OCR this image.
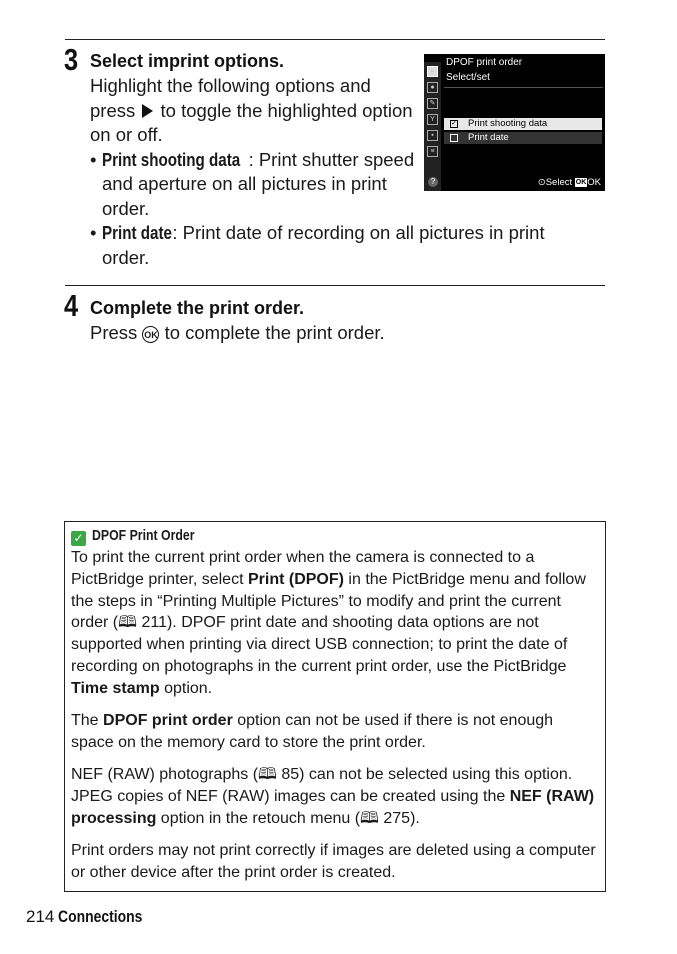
3 Select imprint options.

Highlight the following options and press to toggle the highlighted option on or off.

• Print shooting data : Print shutter speed and aperture on all pictures in print order.

• Print date: Print date of recording on all pictures in print order.

▸
●
✎
Y
▪
≡
DPOF print order
Select/set
✓ Print shooting data
Print date
?	⊙Select OKOK
4 Complete the print order.
Press OK to complete the print order.
✓ DPOF Print Order

To print the current print order when the camera is connected to a PictBridge printer, select Print (DPOF) in the PictBridge menu and follow the steps in “Printing Multiple Pictures” to modify and print the current order (🕮 211). DPOF print date and shooting data options are not supported when printing via direct USB connection; to print the date of recording on photographs in the current print order, use the PictBridge Time stamp option.

The DPOF print order option can not be used if there is not enough space on the memory card to store the print order.

NEF (RAW) photographs (🕮 85) can not be selected using this option. JPEG copies of NEF (RAW) images can be created using the NEF (RAW) processing option in the retouch menu (🕮 275).

Print orders may not print correctly if images are deleted using a computer or other device after the print order is created.

214 Connections
